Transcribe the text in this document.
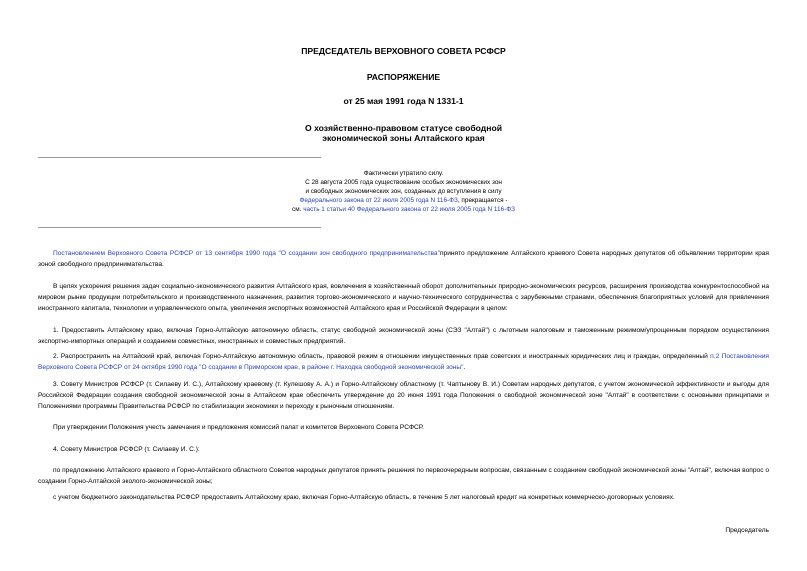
ПРЕДСЕДАТЕЛЬ ВЕРХОВНОГО СОВЕТА РСФСР
РАСПОРЯЖЕНИЕ
от 25 мая 1991 года N 1331-1
О хозяйственно-правовом статусе свободной
экономической зоны Алтайского края
Фактически утратило силу.
С 28 августа 2005 года существование особых экономических зон
и свободных экономических зон, созданных до вступления в силу
Федерального закона от 22 июля 2005 года N 116-ФЗ, прекращается -
см. часть 1 статьи 40 Федерального закона от 22 июля 2005 года N 116-ФЗ
Постановлением Верховного Совета РСФСР от 13 сентября 1990 года "О создании зон свободного предпринимательства"принято предложение Алтайского краевого Совета народных депутатов об объявлении территории края зоной свободного предпринимательства.
В целях ускорения решения задач социально-экономического развития Алтайского края, вовлечения в хозяйственный оборот дополнительных природно-экономических ресурсов, расширения производства конкурентоспособной на мировом рынке продукции потребительского и производственного назначения, развития торгово-экономического и научно-технического сотрудничества с зарубежными странами, обеспечения благоприятных условий для привлечения иностранного капитала, технологии и управленческого опыта, увеличения экспортных возможностей Алтайского края и Российской Федерации в целом:
1. Предоставить Алтайскому краю, включая Горно-Алтайскую автономную область, статус свободной экономической зоны (СЭЗ "Алтай") с льготным налоговым и таможенным режимом/упрощенным порядком осуществления экспортно-импортных операций и созданием совместных, иностранных и совместных предприятий.
2. Распространить на Алтайский край, включая Горно-Алтайскую автономную область, правовой режим в отношении имущественных прав советских и иностранных юридических лиц и граждан, определенный п.2 Постановления Верховного Совета РСФСР от 24 октября 1990 года "О создании в Приморском крае, в районе г. Находка свободной экономической зоны".
3. Совету Министров РСФСР (т. Силаеву И. С.), Алтайскому краевому (т. Кулешову А. А.) и Горно-Алтайскому областному (т. Чаптынову В. И.) Советам народных депутатов, с учетом экономической эффективности и выгоды для Российской Федерации создания свободной экономической зоны в Алтайском крае обеспечить утверждение до 20 июня 1991 года Положения о свободной экономической зоне "Алтай" в соответствии с основными принципами и Положениями программы Правительства РСФСР по стабилизации экономики и переходу к рыночным отношениям.
При утверждении Положения учесть замечания и предложения комиссий палат и комитетов Верховного Совета РСФСР.
4. Совету Министров РСФСР (т. Силаеву И. С.):
по предложению Алтайского краевого и Горно-Алтайского областного Советов народных депутатов принять решения по первоочередным вопросам, связанным с созданием свободной экономической зоны "Алтай", включая вопрос о создании Горно-Алтайской эколого-экономической зоны;
с учетом бюджетного законодательства РСФСР предоставить Алтайскому краю, включая Горно-Алтайскую область, в течение 5 лет налоговый кредит на конкретных коммерческо-договорных условиях.
Председатель
